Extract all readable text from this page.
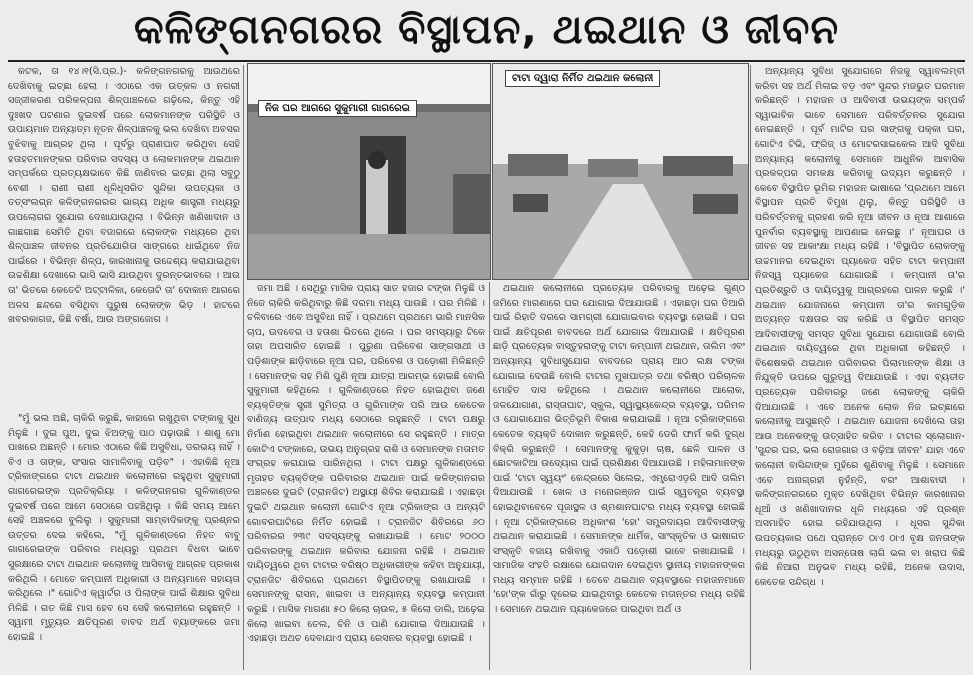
କଳିଙ୍ଗନଗରର ବିସ୍ଥାପନ, ଥଇଥାନ ଓ ଜୀବନ

କଟକ, ତା ୧୪।୧(ସି.ପ୍ର.)- କଳିଙ୍ଗନଗରକୁ ଆଉଥରେ ଦେଖିବାକୁ ଇଚ୍ଛା ହେଲା । ଏଠାରେ ଏକ ଉତ୍କଳ ଓ ନଗରୀ ସଜ୍ଜୀକରଣ ପରିକଳ୍ପନା ଶିଳ୍ପାଞ୍ଚଳରେ ଗଢ଼ିଲେ, କିନ୍ତୁ ଏହି ଦୁଃଖଦ ଘଟଣାର ଦୁଇବର୍ଷ ପରେ ଲୋକମାନଙ୍କ ପରିସ୍ଥିତି ଓ ଉପାୟମାନ ଅନ୍ୟାତ୍ମ ନୂତନ ଶିଳ୍ପାଞ୍ଚଳକୁ ଭଲ ଦେଖିବା ଅବସର ବୁଝିବାକୁ ଆଗ୍ରହ ଥିଲା । ପୂର୍ବରୁ ପ୍ରାଣଘାତ କରିଥିବା ସେହି ହତାହତମାନଙ୍କର ପରିବାର ସଦସ୍ୟ ଓ ଲୋକମାନଙ୍କ ଥଇଥାନ ସମ୍ପର୍କରେ ପ୍ରତ୍ୟକ୍ଷଭାବେ କିଛି ଜାଣିବାର ଇଚ୍ଛା ଥିଲା ସବୁଠୁ ବେଶୀ । ରାଣୀ ରାଣୀ ଧୂଳିଧୂସରିତ ସୁନ୍ଦିକା ଉପତ୍ୟକା ଓ ତତ୍‌ସଂଲଗ୍ନ କଳିଙ୍ଗନଗରର ଭାଗ୍ୟ ଅଧିକ ଶାସ୍ତ୍ରୀ ମଧ୍ୟରୁ ଉପଲୋଗର ସୁଯୋଗ ଦେଖାଯାଉଥିଲା । ବିଭିନ୍ନ ଖଣିଖାଦାନ ଓ ଗାଛଗାଛ ସେମିତି ଥିବା ବଜାରରେ ଲୋକଙ୍କ ମଧ୍ୟରେ ଥିବା ଶିଳ୍ପାଞ୍ଚଳ ଜୀବନର ପ୍ରତିଯୋଗିତା ସାଙ୍ଗରେ ଧାଇଁଥିବେ ନିଜ ପାଇଁରେ । ବିଭିନ୍ନ ଶିଳ୍ପ, କାରଖାନାକୁ ଉଦ୍ଦେଶ୍ୟ କରାଯାଇଥିବା ଉଚ୍ଚଶିକ୍ଷା ଦେଖାରେ ଭାସି ଭାସି ଯାଉଥିବା ଦୁରନ୍ତଭାବରେ । ଆଉ ତା' ଭିତରେ କେତେଟି ଅଟ୍ଟାଳିକା, କେତୋଟି ତା' ଦୋକାନ ଆଗରେ ଅଳସ ଛନ୍ଦରେ ବସିଥିବା ପୁରୁଷ ଲୋକଙ୍କ ଭିଡ଼ । ହାଟରେ ଖବରକାଗଜ, କିଛି ବର୍ଷା, ଆଉ ଅଙ୍ଗଜୋଗ ।

ନିଜ ଘର ଆଗରେ ସୁକୁମାରୀ ଗାଗରେଇ
ଟାଟା ଦ୍ୱାରା ନିର୍ମିତ ଥଇଥାନ କଲୋନୀ

"ମୁଁ ଭଲ ଅଛି, ଚାକିରି କରୁଛି, କାହାରେ ରଖୁଥିବା ଟଙ୍କାକୁ ସୁଧ ମିଳୁଛି । ଦୁଇ ପୁଅ, ଦୁଇ ଝିଅଙ୍କୁ ପାଠ ପଢ଼ାଉଛି । ଶାଶୁ ମୋ ପାଖରେ ଅଛନ୍ତି । ମୋର ଏଠାରେ କିଛି ଅସୁବିଧା, ଡରଭୟ ନାହିଁ । ବିଏ ଓ ତାଙ୍କ, ସଂସାର ସାମାଳିବାକୁ ପଡ଼ିବ" । ଏହାକିଛି ନୂଆ ଟ୍ରିକାଙ୍ଗରେ ଟାଟା ଥଇଥାନ କଲୋନୀରେ ରହୁଥିବା ସୁକୁମାରୀ ଗାଗରେଇଙ୍କ ପ୍ରତିକ୍ରିୟା । କଳିଙ୍ଗନଗର ଗୁଳିକାଣ୍ଡର ଦୁଇବର୍ଷ ପରେ ଆମେ ସେଠାରେ ପହଞ୍ଚିଥିଲୁ । କିଛି ସମୟ ଆମେ ସେହି ଅଞ୍ଚଳରେ ବୁଲିଲୁ । ସୁକୁମାରୀ ସାମ୍ବାଦିକଙ୍କୁ ପ୍ରଶ୍ନର ଉତ୍ତର ଦେଇ କହିଲେ, "ମୁଁ ଗୁଳିକାଣ୍ଡରେ ନିହତ ବାବୁ ଗାଗରେଇଙ୍କ ପରିବାର ମଧ୍ୟରୁ ପ୍ରଥମ ବିଧବା ଭାବେ ସୁରକ୍ଷାରେ ଟାଟା ଥଇଥାନ କଲୋନୀକୁ ଆସିବାକୁ ଆଗ୍ରହ ପ୍ରକାଶ କରିଥିଲି । ମୋତେ କମ୍ପାନୀ ଅଧିକାରୀ ଓ ଅନ୍ୟମାନେ ସହାୟତା କରିଥିଲେ ।" ଗୋଟିଏ କ୍ୱାର୍ଟର ଓ ପିଲାଙ୍କ ପାଇଁ ଶିକ୍ଷାର ସୁବିଧା ମିଳିଛି । ଗତ କିଛି ମାସ ହେବ ସେ ସେହି କଲୋନୀରେ ରହୁଛନ୍ତି । ସ୍ୱାମୀ ମୃତ୍ୟୁର କ୍ଷତିପୂରଣ ବାବଦ ଅର୍ଥ ବ୍ୟାଙ୍କରେ ଜମା ହୋଇଛି ।

ଜମା ଅଛି । ସେଥିରୁ ମାସିକ ପ୍ରାୟ ସାତ ହଜାର ଟଙ୍କା ମିଳୁଛି ଓ ନିଜେ ଚାକିରି କରିଥିବାରୁ କିଛି ଦରମା ମଧ୍ୟ ପାଉଛି । ଘର ମିଳିଛି । ଚଳିବାରେ ଏବେ ଅସୁବିଧା ନାହିଁ । ପ୍ରଥମେ ପ୍ରଥମେ ଭାରି ମାନସିକ ଚାପ, ଉଦବେଗ ଓ ହତାଶା ଭିତରେ ଥିଲେ । ଘର ସମସ୍ୟାରୁ ଟିକେ ତାହା ଅପସାରିତ ହୋଇଛି । ପୁରୁଣା ପରିବେଶ ସାଙ୍ଗସାଥୀ ଓ ପଡ଼ିଶାଙ୍କ ଛାଡ଼ିବାରେ ନୂଆ ଘର, ପରିବେଶ ଓ ପଡ଼ୋଶୀ ମିଳିଛନ୍ତି । ସେମାନଙ୍କ ସହ ମିଶି ପୁଣି ନୂଆ ଯାତ୍ରା ଆରମ୍ଭ ହୋଇଛି ବୋଲି ସୁକୁମାରୀ କହିଥିଲେ । ଗୁଳିକାଣ୍ଡରେ ନିହତ ହୋଇଥିବା ଜଣେ ବ୍ୟକ୍ତିଙ୍କ ସ୍ତ୍ରୀ ସୁମିତ୍ରା ଓ ଗୁରିମାଙ୍କ ପରି ଆଉ କେତେକ ବାଣିଜ୍ୟ ଉତ୍ପାଦ ମଧ୍ୟ ସେଠାରେ ରହୁଛନ୍ତି । ଟାଟା ପକ୍ଷରୁ ନିର୍ମାଣ ହୋଇଥିବା ଥଇଥାନ କଲୋନୀରେ ସେ ରହୁଛନ୍ତି । ମାତ୍ର କୋଟିଏ ଟଙ୍କାରେ, ଉଭୟ ଅନୁଗ୍ରହ ରାଶି ଓ ସେମାନଙ୍କ ମତାମତ ସଂଗ୍ରହ କରାଯାଇ ପାରିନଥିଲା । ଟାଟା ପକ୍ଷରୁ ଗୁଳିକାଣ୍ଡରେ ମୃତାହତ ବ୍ୟକ୍ତିଙ୍କ ପରିବାରର ଥଇଥାନ ପାଇଁ କଳିଙ୍ଗନଗର ଅଞ୍ଚଳରେ ଦୁଇଟି (ଟ୍ରାନଜିଟ) ଅସ୍ଥାୟୀ ଶିବିର କରାଯାଇଛି । ଏହାଛଡ଼ା ଦୁଇଟି ଥଇଥାନ କଲୋନୀ ଗୋଟିଏ ନୂଆ ଟ୍ରିକାଙ୍ଗ ଓ ଅନ୍ୟଟି ଗୋବରଘାଟିରେ ନିର୍ମିତ ହୋଇଛି । ଟ୍ରାନଜିଟ ଶିବିରରେ ୬୦ ପରିବାରର ୨୩୯ ସଦସ୍ୟଙ୍କୁ ରଖାଯାଇଛି । ମୋଟ ୨୦୦୦ ପରିବାରଙ୍କୁ ଥଇଥାନ କରିବାର ଯୋଜନା ରହିଛି । ଥଇଥାନ ଦାୟିତ୍ୱରେ ଥିବା ଟାଟାର ବରିଷ୍ଠ ଅଧିକାରୀଙ୍କ କହିବା ଅନୁଯାୟୀ, ଟ୍ରାନଜିଟ ଶିବିରରେ ପ୍ରଥମେ ବିସ୍ଥାପିତଙ୍କୁ ରଖାଯାଉଛି । ସେମାନଙ୍କୁ ରାସନ, ଖାଇବା ଓ ଅନ୍ୟାନ୍ୟ ବ୍ୟବସ୍ଥା କମ୍ପାନୀ କରୁଛି । ମାସିକ ମାଗଣା ୫୦ କିଲୋ ଚାଉଳ, ୫ କିଲୋ ଡାଲି, ଅଢ଼େଇ କିଲୋ ଖାଇବା ତେଲ, ଚିନି ଓ ପାଣି ଯୋଗାଇ ଦିଆଯାଉଛି । ଏହାଛଡ଼ା ଅଥଚ ଦେବାଯାଏ ପ୍ରାୟ ରେସନର ବ୍ୟବସ୍ଥା ହୋଇଛି ।

ଥଇଥାନ କଲୋନୀରେ ପ୍ରତ୍ୟେକ ପରିବାରକୁ ଅଢ଼େଇ ଗୁଣ୍ଠ ଜମିରେ ମାଗଣାରେ ଘର ଯୋଗାଇ ଦିଆଯାଉଛି । ଏହାଛଡ଼ା ଘର ତିଆରି ପାଇଁ ରିହାତି ଦରରେ ସାମଗ୍ରୀ ଯୋଗାଇବାର ବ୍ୟବସ୍ଥା ହୋଇଛି । ଘର ପାଇଁ କ୍ଷତିପୂରଣ ବାବଦରେ ଅର୍ଥ ଯୋଗାଇ ଦିଆଯାଉଛି । କ୍ଷତିପୂରଣ ଛାଡ଼ି ପ୍ରତ୍ୟେକ ବାସ୍ତୁହରାଙ୍କୁ ଟାଟା କମ୍ପାନୀ ଥଇଥାନ, ତାଲିମ ଏବଂ ଅନ୍ୟାନ୍ୟ ସୁବିଧାସୁଯୋଗ ବାବଦରେ ପ୍ରାୟ ଆଠ ଲକ୍ଷ ଟଙ୍କା ଯୋଗାଇ ଦେଉଛି ବୋଲି ଟାଟାର ମୁଖପାତ୍ର ତଥା ବରିଷ୍ଠ ପରିଚାଳକ ମୋହିତ ଦାସ କହିଥିଲେ । ଥଇଥାନ କଲୋନୀରେ ଆଲୋକ, ଜଳଯୋଗାଣ, ରାସ୍ତାଘାଟ, ସ୍କୁଲ, ସ୍ୱାସ୍ଥ୍ୟକେନ୍ଦ୍ର ବ୍ୟବସ୍ଥା, ପରିମଳ ଓ ଯୋଗାଯୋଗ ଭିତ୍ତିଭୂମି ବିକାଶ କରାଯାଇଛି । ନୂଆ ଟ୍ରିକାଙ୍ଗରେ କେତେକ ବ୍ୟକ୍ତି ଦୋକାନ କରୁଛନ୍ତି, କେହି ଡେରି ଫାର୍ମ କରି ଦୁଗ୍ଧ ବିକ୍ରି କରୁଛନ୍ତି । ସେମାନଙ୍କୁ କୁକୁଡ଼ା ଚାଷ, ଛେଳି ପାଳନ ଓ ଛୋଟକାଟିଆ ଉଦ୍ୟୋଗ ପାଇଁ ପ୍ରଶିକ୍ଷଣ ଦିଆଯାଉଛି । ମହିଳାମାନଙ୍କ ପାଇଁ 'ଟାଟା ସ୍ୱୟଂ' କେନ୍ଦ୍ରରେ ସିଲେଇ, ଏମ୍ବ୍ରୋଏଡ଼ରି ଆଦି ତାଲିମ ଦିଆଯାଉଛି । ଖେଳ ଓ ମନୋରଞ୍ଜନ ପାଇଁ ସ୍ୱତନ୍ତ୍ର ବ୍ୟବସ୍ଥା ହୋଇଥିବାବେଳେ ପୂଜାସ୍ଥଳ ଓ ଶ୍ମଶାନଘାଟର ମଧ୍ୟ ବ୍ୟବସ୍ଥା ହୋଇଛି । ନୂଆ ଟ୍ରିକାଙ୍ଗରେ ଅଧିକାଂଶ 'ହୋ' ସମ୍ପ୍ରଦାୟର ଆଦିବାସୀଙ୍କୁ ଥଇଥାନ କରାଯାଇଛି । ସେମାନଙ୍କ ଧାର୍ମିକ, ସାଂସ୍କୃତିକ ଓ ଭାଷାଗତ ସଂସ୍କୃତି ବଜାୟ ରଖିବାକୁ ଏକାଠି ପଡ଼ୋଶୀ ଭାବେ ରଖାଯାଇଛି । ସାମାଜିକ ସଂହତି ରକ୍ଷାରେ ଯୋଗଦାନ ଦେଇଥିବା ସ୍ଥାନୀୟ ମହାଜନଙ୍କର ମଧ୍ୟ ସମ୍ମାନ ରହିଛି । ତେବେ ଥଇଥାନ ବ୍ୟବସ୍ଥାରେ ମହାଜନମାନେ 'ହୋ'ଙ୍କ ଗାଁରୁ ଦୂରେଇ ଯାଇଥିବାରୁ କେତେକ ମତାନ୍ତର ମଧ୍ୟ ରହିଛି । ସେମାନେ ଥଇଥାନ ପ୍ୟାକେଜରେ ପାଇଥିବା ଅର୍ଥ ଓ

ଅନ୍ୟାନ୍ୟ ସୁବିଧା ସୁଯୋଗରେ ନିଜକୁ ସ୍ୱାବଲମ୍ବୀ କରିବା ସହ ଅର୍ଥ ମିଳାଇ ବଡ଼ ଏବଂ ସୁନ୍ଦର ମଜଭୁତ ଘରମାନ କରିଛନ୍ତି । ମହାଜନ ଓ ଆଦିବାସୀ ଉଭୟଙ୍କ ସମ୍ପର୍କ ସ୍ୱାଭାବିକ ଭାବେ ସେମାନେ ପରିବର୍ତ୍ତନର ସୁଯୋଗ ନେଇଛନ୍ତି । ପୂର୍ବ ମାଟିର ଘର ସାଙ୍ଗକୁ ପକ୍କା ଘର, ଗୋଟିଏ ଟିଭି, ଫ୍ରିଜ୍ ଓ ମୋଟରସାଇକେଲ ଆଦି ସୁବିଧା ଅନ୍ୟାନ୍ୟ କଲୋନୀକୁ ସେମାନେ ଆଧୁନିକ ଆବାସିକ ପ୍ରକଳ୍ପର ସମକକ୍ଷ କରିବାକୁ ଉଦ୍ୟମ କରୁଛନ୍ତି । କେବେ ବିସ୍ଥାପିତ ଭୂମିର ମହାଜନ ଭାଷାରେ 'ପ୍ରଥମେ ଆମେ ବିସ୍ଥାପନ ପ୍ରତି ବିମୁଖ ଥିଲୁ, କିନ୍ତୁ ପରିସ୍ଥିତି ଓ ପରିବର୍ତ୍ତନକୁ ଗ୍ରହଣ କରି ନୂଆ ଜୀବନ ଓ ନୂଆ ଆଶାରେ ପୁନର୍ବାର ବ୍ୟବସ୍ଥାକୁ ଆପଣାଇ ନେଇଛୁ ।' ନୂଆଘର ଓ ଜୀବନ ସହ ଆକାଂକ୍ଷା ମଧ୍ୟ ରହିଛି । 'ବିସ୍ଥାପିତ ଲୋକଙ୍କୁ ଉଚ୍ଚମାନର ଦେଇଥିବା ପ୍ୟାକେଜ ସହିତ ଟାଟା କମ୍ପାନୀ ନିଜସ୍ୱ ପ୍ୟାକେଜ ଯୋଗାଉଛି । କମ୍ପାନୀ ତା'ର ପ୍ରତିଶ୍ରୁତି ଓ ଦାୟିତ୍ୱକୁ ଆଗ୍ରହରେ ପାଳନ କରୁଛି ।' ଥଇଥାନ ଯୋଜନାରେ କମ୍ପାନୀ ତା'ର କାମଗୁଡ଼ିକ ଅତ୍ୟନ୍ତ ଦକ୍ଷତାର ସହ କରିଛି ଓ ବିସ୍ଥାପିତ ସମସ୍ତ ଆଦିବାସୀଙ୍କୁ ସମସ୍ତ ସୁବିଧା ସୁଯୋଗ ଯୋଗାଉଛି ବୋଲି ଥଇଥାନ ଦାୟିତ୍ୱରେ ଥିବା ଅଧିକାରୀ କହିଛନ୍ତି । ବିଶେଷକରି ଥଇଥାନ ପରିବାରର ପିଲାମାନଙ୍କ ଶିକ୍ଷା ଓ ନିଯୁକ୍ତି ଉପରେ ଗୁରୁତ୍ୱ ଦିଆଯାଉଛି । ଏହା ବ୍ୟତୀତ ପ୍ରତ୍ୟେକ ପରିବାରରୁ ଜଣେ ଲୋକଙ୍କୁ ଚାକିରି ଦିଆଯାଉଛି । ଏବେ ଅନେକ ଲୋକ ନିଜ ଇଚ୍ଛାରେ କଲୋନୀକୁ ଆସୁଛନ୍ତି । ଥଇଥାନ ଯୋଜନା ଦେଖିଲେ ତାହା ଆଉ ଅନେକଙ୍କୁ ଉତ୍ସାହିତ କରିବ । ଟାଟାର ସ୍ଲୋଗାନ- 'ସୁନ୍ଦର ଘର, ଭଲ ରୋଜଗାର ଓ ବଢ଼ିଆ ଜୀବନ' ଯାହା ଏବେ କଲୋନୀ ବାସିନ୍ଦାଙ୍କ ମୁହଁରେ ଶୁଣିବାକୁ ମିଳୁଛି । ସେମାନେ ଏବେ ଅନାଗ୍ରହୀ ନୁହଁନ୍ତି, ବରଂ ଆଶାବାଦୀ । କଳିଙ୍ଗନଗରରେ ମୁକ୍ତ ଦେଖିଥିବା ବିଭିନ୍ନ କାରଖାନାର ଧୂଆଁ ଓ ଖଣିଖାଦାନର ଧୂଳି ମଧ୍ୟରେ ଏହି ପ୍ରଶ୍ନ ଅସମାହିତ ହୋଇ ରହିଯାଉଥିଲା । ଧୂସର ସୁନ୍ଦିକା ଉପତ୍ୟକାର ପଥେ ପ୍ରାନ୍ତେ ଠାଏ ଠାଏ ବୃକ୍ଷ ଜନତାଙ୍କ ମଧ୍ୟରୁ ଉଠୁଥିବା ଅସନ୍ତୋଷ ଲାଗି ଭଲ ବା ଖରାପ କିଛି କିଛି ନିଆରା ଅନୁଭବ ମଧ୍ୟ ରହିଛି, ଅନେକ ଉଦାସ, କେତେକ ସନ୍ଦିଗ୍ଧ ।
